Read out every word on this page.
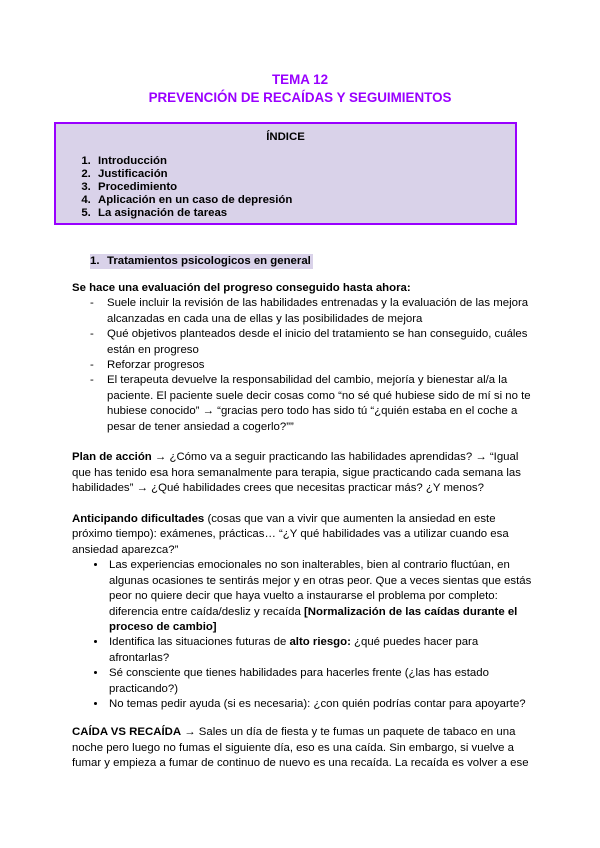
TEMA 12
PREVENCIÓN DE RECAÍDAS Y SEGUIMIENTOS
ÍNDICE
1. Introducción
2. Justificación
3. Procedimiento
4. Aplicación en un caso de depresión
5. La asignación de tareas
1. Tratamientos psicologicos en general

Se hace una evaluación del progreso conseguido hasta ahora:

- Suele incluir la revisión de las habilidades entrenadas y la evaluación de las mejora alcanzadas en cada una de ellas y las posibilidades de mejora
- Qué objetivos planteados desde el inicio del tratamiento se han conseguido, cuáles están en progreso
- Reforzar progresos
- El terapeuta devuelve la responsabilidad del cambio, mejoría y bienestar al/a la paciente. El paciente suele decir cosas como “no sé qué hubiese sido de mí si no te hubiese conocido” → “gracias pero todo has sido tú “¿quién estaba en el coche a pesar de tener ansiedad a cogerlo?””

Plan de acción → ¿Cómo va a seguir practicando las habilidades aprendidas? → “Igual que has tenido esa hora semanalmente para terapia, sigue practicando cada semana las habilidades” → ¿Qué habilidades crees que necesitas practicar más? ¿Y menos?

Anticipando dificultades (cosas que van a vivir que aumenten la ansiedad en este próximo tiempo): exámenes, prácticas… “¿Y qué habilidades vas a utilizar cuando esa ansiedad aparezca?”

• Las experiencias emocionales no son inalterables, bien al contrario fluctúan, en algunas ocasiones te sentirás mejor y en otras peor. Que a veces sientas que estás peor no quiere decir que haya vuelto a instaurarse el problema por completo: diferencia entre caída/desliz y recaída [Normalización de las caídas durante el proceso de cambio]
• Identifica las situaciones futuras de alto riesgo: ¿qué puedes hacer para afrontarlas?
• Sé consciente que tienes habilidades para hacerles frente (¿las has estado practicando?)
• No temas pedir ayuda (si es necesaria): ¿con quién podrías contar para apoyarte?

CAÍDA VS RECAÍDA → Sales un día de fiesta y te fumas un paquete de tabaco en una noche pero luego no fumas el siguiente día, eso es una caída. Sin embargo, si vuelve a fumar y empieza a fumar de continuo de nuevo es una recaída. La recaída es volver a ese
